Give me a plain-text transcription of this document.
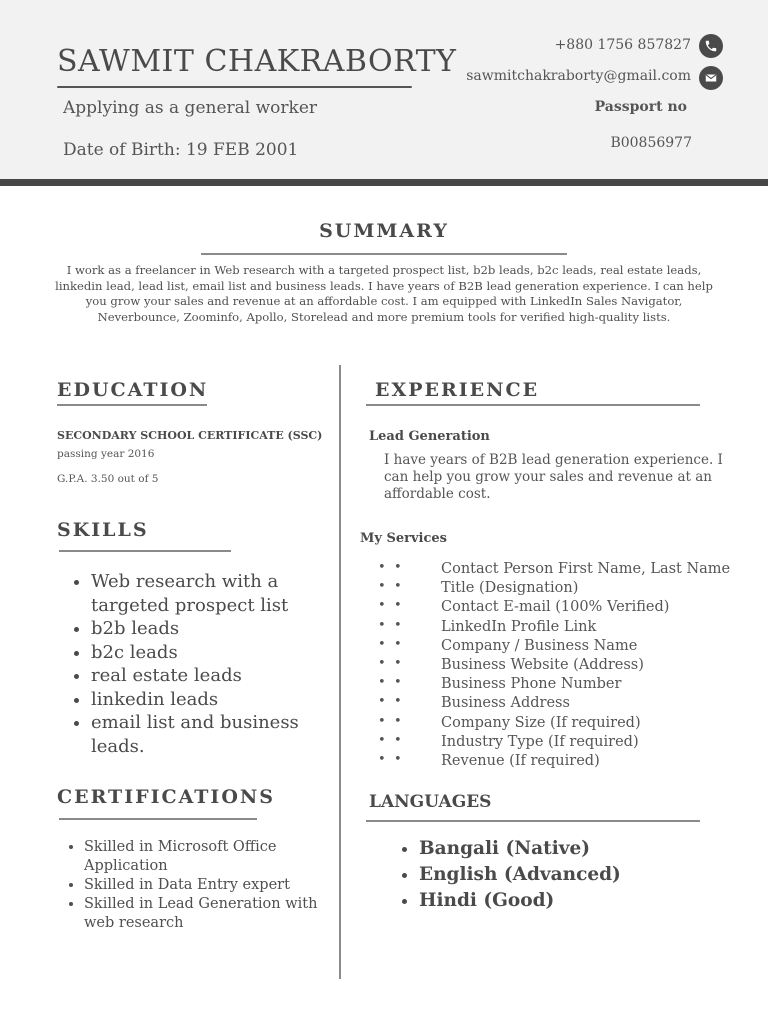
SAWMIT CHAKRABORTY
Applying as a general worker
Date of Birth: 19 FEB 2001
+880 1756 857827
sawmitchakraborty@gmail.com
Passport no
B00856977
SUMMARY
I work as a freelancer in Web research with a targeted prospect list, b2b leads, b2c leads, real estate leads, linkedin lead, lead list, email list and business leads. I have years of B2B lead generation experience. I can help you grow your sales and revenue at an affordable cost. I am equipped with LinkedIn Sales Navigator, Neverbounce, Zoominfo, Apollo, Storelead and more premium tools for verified high-quality lists.
EDUCATION
SECONDARY SCHOOL CERTIFICATE (SSC)
passing year 2016
G.P.A. 3.50 out of 5
SKILLS
• Web research with a targeted prospect list
• b2b leads
• b2c leads
• real estate leads
• linkedin leads
• email list and business leads.
CERTIFICATIONS
• Skilled in Microsoft Office Application
• Skilled in Data Entry expert
• Skilled in Lead Generation with web research
EXPERIENCE
Lead Generation
I have years of B2B lead generation experience. I can help you grow your sales and revenue at an affordable cost.
My Services
• •	Contact Person First Name, Last Name
• •	Title (Designation)
• •	Contact E-mail (100% Verified)
• •	LinkedIn Profile Link
• •	Company / Business Name
• •	Business Website (Address)
• •	Business Phone Number
• •	Business Address
• •	Company Size (If required)
• •	Industry Type (If required)
• •	Revenue (If required)
LANGUAGES
• Bangali (Native)
• English (Advanced)
• Hindi (Good)
